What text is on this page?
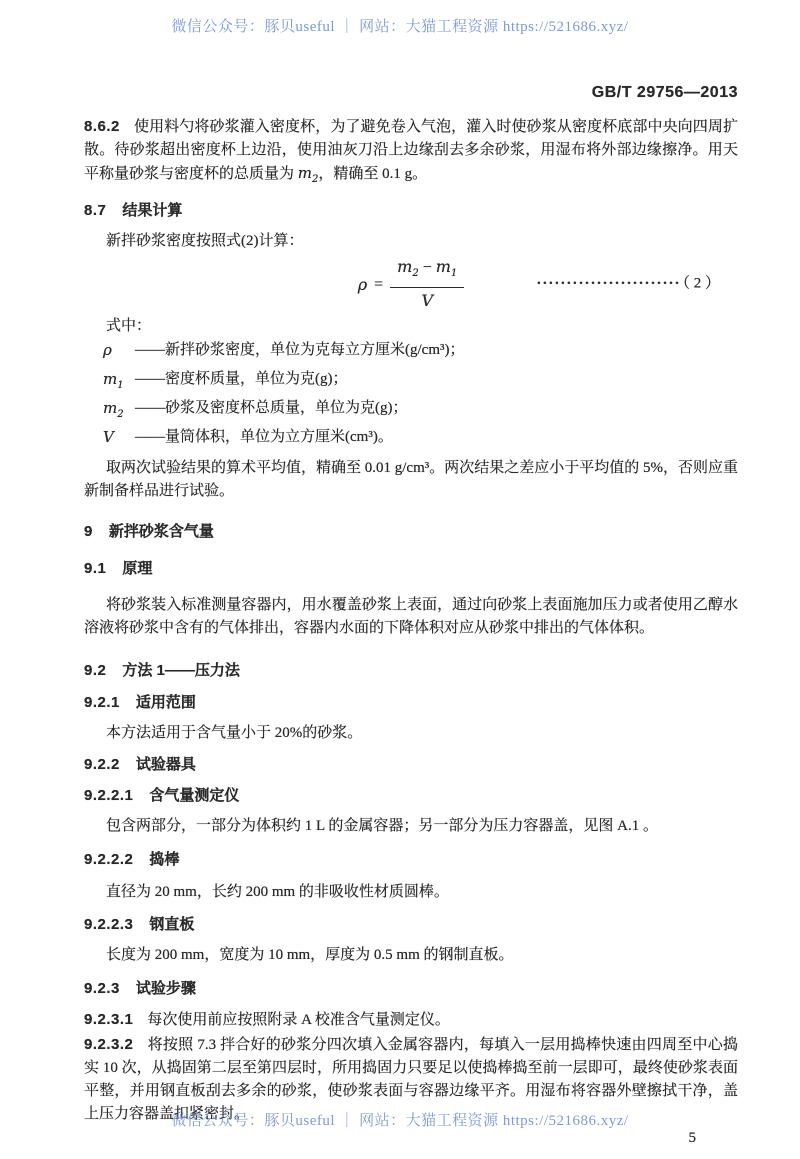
微信公众号：豚贝useful ｜ 网站：大猫工程资源 https://521686.xyz/
GB/T 29756—2013

8.6.2 使用料勺将砂浆灌入密度杯，为了避免卷入气泡，灌入时使砂浆从密度杯底部中央向四周扩散。待砂浆超出密度杯上边沿，使用油灰刀沿上边缘刮去多余砂浆，用湿布将外部边缘擦净。用天平称量砂浆与密度杯的总质量为 $m_2$，精确至 0.1 g。

8.7 结果计算

新拌砂浆密度按照式(2)计算：

$\rho = \frac{m_2 - m_1}{V}$	························ （ 2 ）

式中：

ρ	—— 新拌砂浆密度，单位为克每立方厘米(g/cm³)；
$m_1$ —— 密度杯质量，单位为克(g)；
$m_2$ —— 砂浆及密度杯总质量，单位为克(g)；
V	—— 量筒体积，单位为立方厘米(cm³)。

取两次试验结果的算术平均值，精确至 0.01 g/cm³。两次结果之差应小于平均值的 5%，否则应重新制备样品进行试验。

9 新拌砂浆含气量
9.1 原理

将砂浆装入标准测量容器内，用水覆盖砂浆上表面，通过向砂浆上表面施加压力或者使用乙醇水溶液将砂浆中含有的气体排出，容器内水面的下降体积对应从砂浆中排出的气体体积。

9.2 方法 1——压力法
9.2.1 适用范围

本方法适用于含气量小于 20%的砂浆。

9.2.2 试验器具
9.2.2.1 含气量测定仪

包含两部分，一部分为体积约 1 L 的金属容器；另一部分为压力容器盖，见图 A.1 。

9.2.2.2 捣棒

直径为 20 mm，长约 200 mm 的非吸收性材质圆棒。

9.2.2.3 钢直板

长度为 200 mm，宽度为 10 mm，厚度为 0.5 mm 的钢制直板。

9.2.3 试验步骤

9.2.3.1 每次使用前应按照附录 A 校准含气量测定仪。

9.2.3.2 将按照 7.3 拌合好的砂浆分四次填入金属容器内，每填入一层用捣棒快速由四周至中心捣实 10 次，从捣固第二层至第四层时，所用捣固力只要足以使捣棒捣至前一层即可，最终使砂浆表面平整，并用钢直板刮去多余的砂浆，使砂浆表面与容器边缘平齐。用湿布将容器外壁擦拭干净，盖上压力容器盖扣紧密封。

5
微信公众号：豚贝useful ｜ 网站：大猫工程资源 https://521686.xyz/
